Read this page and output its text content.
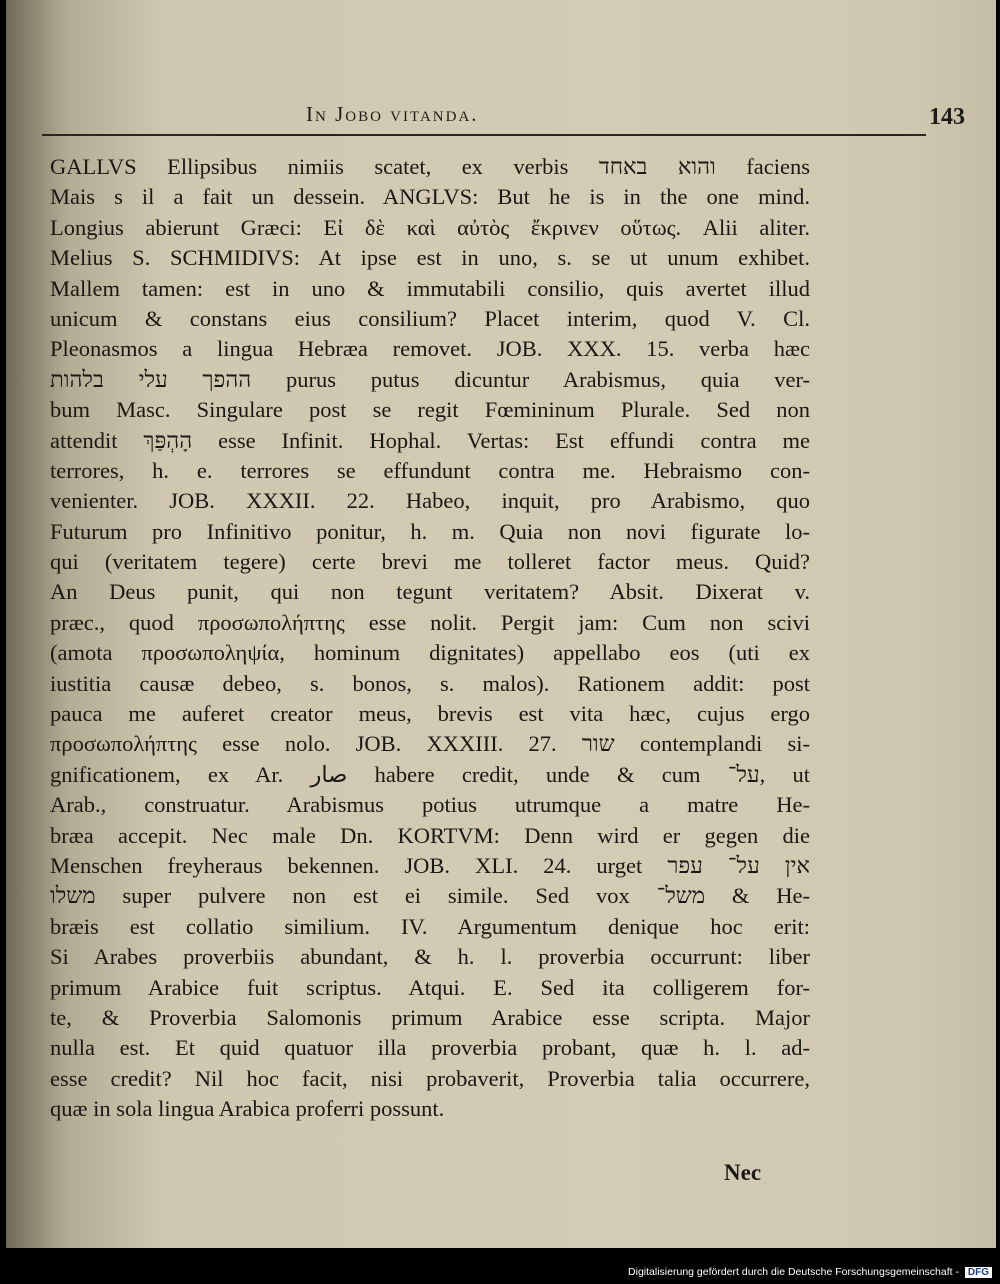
In Jobo vitanda.	143
GALLVS Ellipsibus nimiis scatet, ex verbis והוא באחד faciens
Mais s il a fait un dessein. ANGLVS: But he is in the one mind.
Longius abierunt Græci: Εἰ δὲ καὶ αὐτὸς ἔκρινεν οὕτως. Alii aliter.
Melius S. SCHMIDIVS: At ipse est in uno, s. se ut unum exhibet.
Mallem tamen: est in uno & immutabili consilio, quis avertet illud
unicum & constans eius consilium? Placet interim, quod V. Cl.
Pleonasmos a lingua Hebræa removet. JOB. XXX. 15. verba hæc
ההפך עלי בלהות purus putus dicuntur Arabismus, quia ver-
bum Masc. Singulare post se regit Fœmininum Plurale. Sed non
attendit הָהְפַּךְ esse Infinit. Hophal. Vertas: Est effundi contra me
terrores, h. e. terrores se effundunt contra me. Hebraismo con-
venienter. JOB. XXXII. 22. Habeo, inquit, pro Arabismo, quo
Futurum pro Infinitivo ponitur, h. m. Quia non novi figurate lo-
qui (veritatem tegere) certe brevi me tolleret factor meus. Quid?
An Deus punit, qui non tegunt veritatem? Absit. Dixerat v.
præc., quod προσωπολήπτης esse nolit. Pergit jam: Cum non scivi
(amota προσωποληψία, hominum dignitates) appellabo eos (uti ex
iustitia causæ debeo, s. bonos, s. malos). Rationem addit: post
pauca me auferet creator meus, brevis est vita hæc, cujus ergo
προσωπολήπτης esse nolo. JOB. XXXIII. 27. שור contemplandi si-
gnificationem, ex Ar. صار habere credit, unde & cum על־, ut
Arab., construatur. Arabismus potius utrumque a matre He-
bræa accepit. Nec male Dn. KORTVM: Denn wird er gegen die
Menschen freyheraus bekennen. JOB. XLI. 24. urget אין על־ עפר
משלו super pulvere non est ei simile. Sed vox משל־ & He-
bræis est collatio similium. IV. Argumentum denique hoc erit:
Si Arabes proverbiis abundant, & h. l. proverbia occurrunt: liber
primum Arabice fuit scriptus. Atqui. E. Sed ita colligerem for-
te, & Proverbia Salomonis primum Arabice esse scripta. Major
nulla est. Et quid quatuor illa proverbia probant, quæ h. l. ad-
esse credit? Nil hoc facit, nisi probaverit, Proverbia talia occurrere,
quæ in sola lingua Arabica proferri possunt.
Nec
Digitalisierung gefördert durch die Deutsche Forschungsgemeinschaft - DFG
